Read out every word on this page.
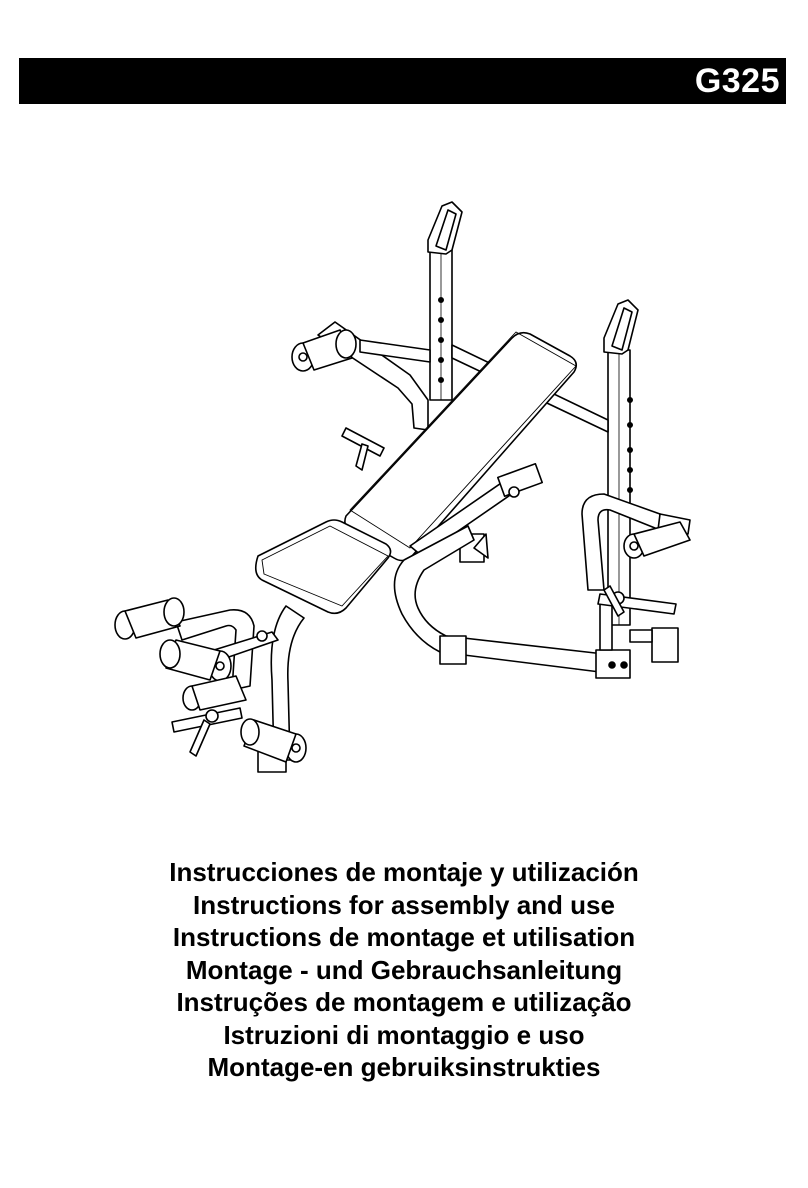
G325
Instrucciones de montaje y utilización
Instructions for assembly and use
Instructions de montage et utilisation
Montage - und Gebrauchsanleitung
Instruções de montagem e utilização
Istruzioni di montaggio e uso
Montage-en gebruiksinstrukties
